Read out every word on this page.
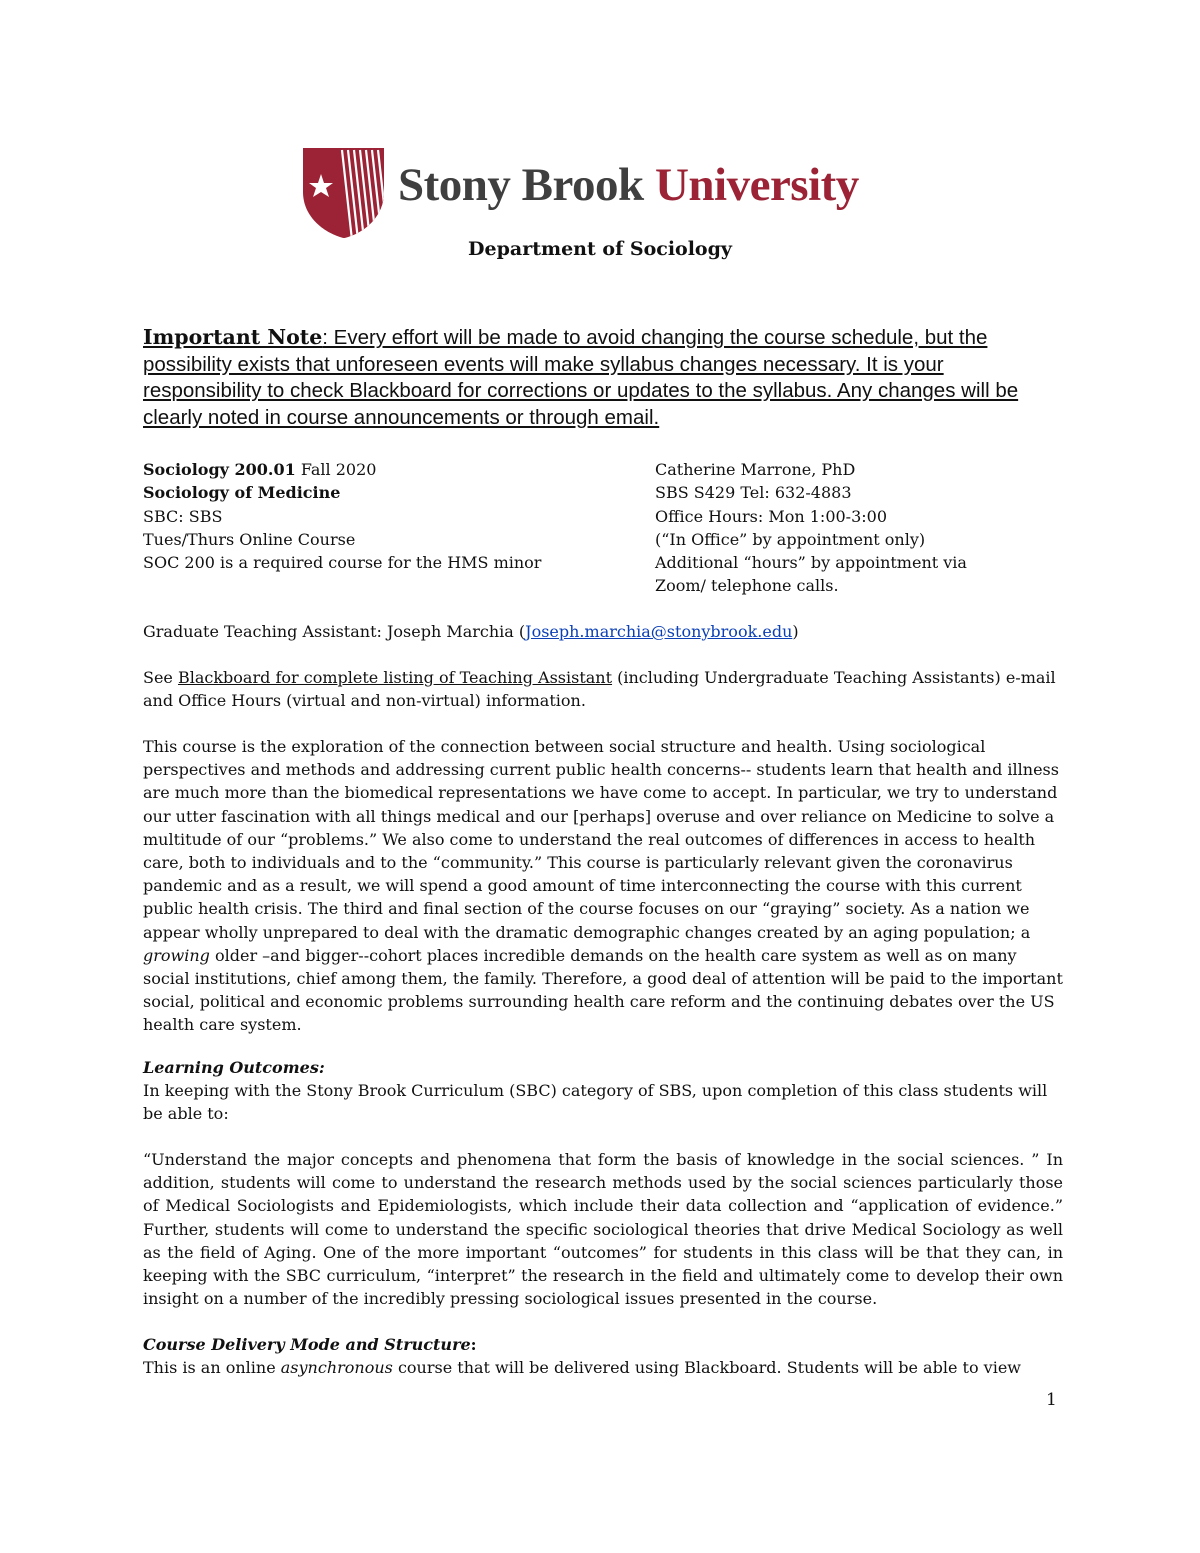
Stony Brook University
Department of Sociology
Important Note: Every effort will be made to avoid changing the course schedule, but the possibility exists that unforeseen events will make syllabus changes necessary. It is your responsibility to check Blackboard for corrections or updates to the syllabus. Any changes will be clearly noted in course announcements or through email.
Sociology 200.01 Fall 2020
Sociology of Medicine
SBC: SBS
Tues/Thurs Online Course
SOC 200 is a required course for the HMS minor
Catherine Marrone, PhD
SBS S429 Tel: 632-4883
Office Hours: Mon 1:00-3:00
(“In Office” by appointment only)
Additional “hours” by appointment via
Zoom/ telephone calls.
Graduate Teaching Assistant: Joseph Marchia (Joseph.marchia@stonybrook.edu)
See Blackboard for complete listing of Teaching Assistant (including Undergraduate Teaching Assistants) e-mail and Office Hours (virtual and non-virtual) information.
This course is the exploration of the connection between social structure and health. Using sociological perspectives and methods and addressing current public health concerns-- students learn that health and illness are much more than the biomedical representations we have come to accept. In particular, we try to understand our utter fascination with all things medical and our [perhaps] overuse and over reliance on Medicine to solve a multitude of our “problems.” We also come to understand the real outcomes of differences in access to health care, both to individuals and to the “community.” This course is particularly relevant given the coronavirus pandemic and as a result, we will spend a good amount of time interconnecting the course with this current public health crisis. The third and final section of the course focuses on our “graying” society. As a nation we appear wholly unprepared to deal with the dramatic demographic changes created by an aging population; a growing older –and bigger--cohort places incredible demands on the health care system as well as on many social institutions, chief among them, the family. Therefore, a good deal of attention will be paid to the important social, political and economic problems surrounding health care reform and the continuing debates over the US health care system.
Learning Outcomes:
In keeping with the Stony Brook Curriculum (SBC) category of SBS, upon completion of this class students will be able to:
“Understand the major concepts and phenomena that form the basis of knowledge in the social sciences. ” In addition, students will come to understand the research methods used by the social sciences particularly those of Medical Sociologists and Epidemiologists, which include their data collection and “application of evidence.” Further, students will come to understand the specific sociological theories that drive Medical Sociology as well as the field of Aging. One of the more important “outcomes” for students in this class will be that they can, in keeping with the SBC curriculum, “interpret” the research in the field and ultimately come to develop their own insight on a number of the incredibly pressing sociological issues presented in the course.
Course Delivery Mode and Structure:
This is an online asynchronous course that will be delivered using Blackboard. Students will be able to view
1
